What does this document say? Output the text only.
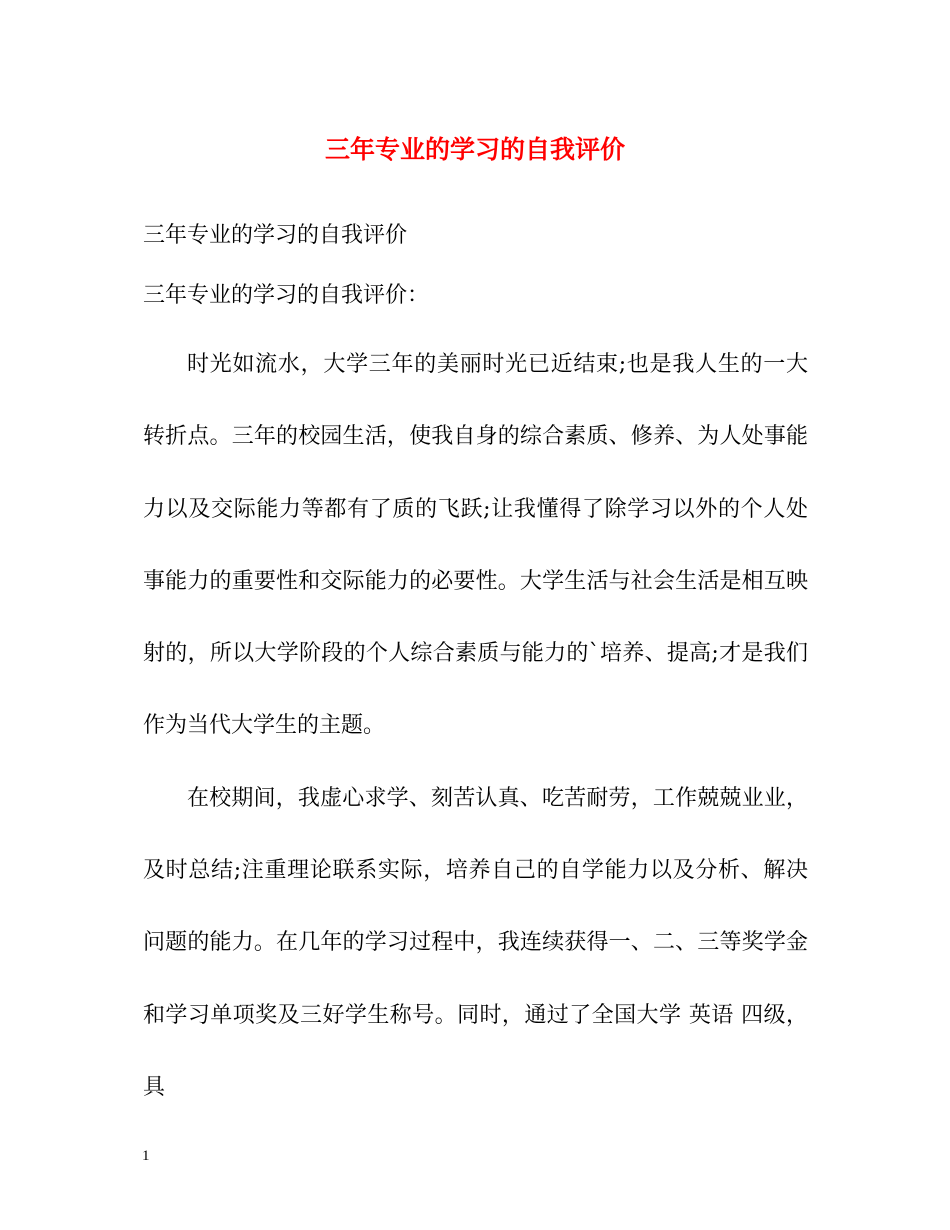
三年专业的学习的自我评价
三年专业的学习的自我评价
三年专业的学习的自我评价：

时光如流水，大学三年的美丽时光已近结束;也是我人生的一大转折点。三年的校园生活，使我自身的综合素质、修养、为人处事能力以及交际能力等都有了质的飞跃;让我懂得了除学习以外的个人处事能力的重要性和交际能力的必要性。大学生活与社会生活是相互映射的，所以大学阶段的个人综合素质与能力的`培养、提高;才是我们作为当代大学生的主题。

在校期间，我虚心求学、刻苦认真、吃苦耐劳，工作兢兢业业，及时总结;注重理论联系实际，培养自己的自学能力以及分析、解决问题的能力。在几年的学习过程中，我连续获得一、二、三等奖学金和学习单项奖及三好学生称号。同时，通过了全国大学 英语 四级，具

1
